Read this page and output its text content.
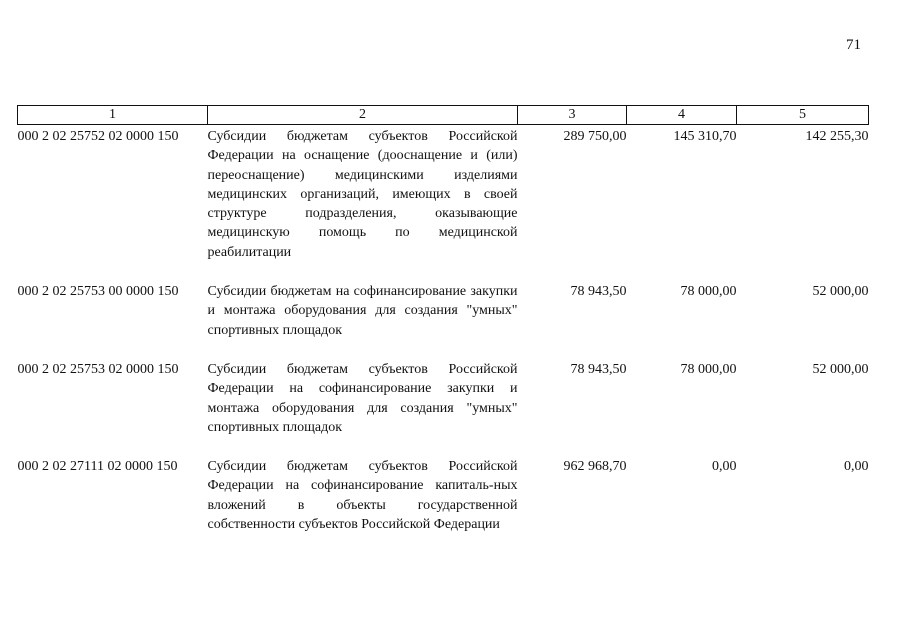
71
1	2	3	4	5
000 2 02 25752 02 0000 150	Субсидии бюджетам субъектов Российской Федерации на оснащение (дооснащение и (или) переоснащение) медицинскими изделиями медицинских организаций, имеющих в своей структуре подразделения, оказывающие медицинскую помощь по медицинской реабилитации	289 750,00	145 310,70	142 255,30
000 2 02 25753 00 0000 150	Субсидии бюджетам на софинансирование закупки и монтажа оборудования для создания "умных" спортивных площадок	78 943,50	78 000,00	52 000,00
000 2 02 25753 02 0000 150	Субсидии бюджетам субъектов Российской Федерации на софинансирование закупки и монтажа оборудования для создания "умных" спортивных площадок	78 943,50	78 000,00	52 000,00
000 2 02 27111 02 0000 150	Субсидии бюджетам субъектов Российской Федерации на софинансирование капиталь-ных вложений в объекты государственной собственности субъектов Российской Федерации	962 968,70	0,00	0,00
